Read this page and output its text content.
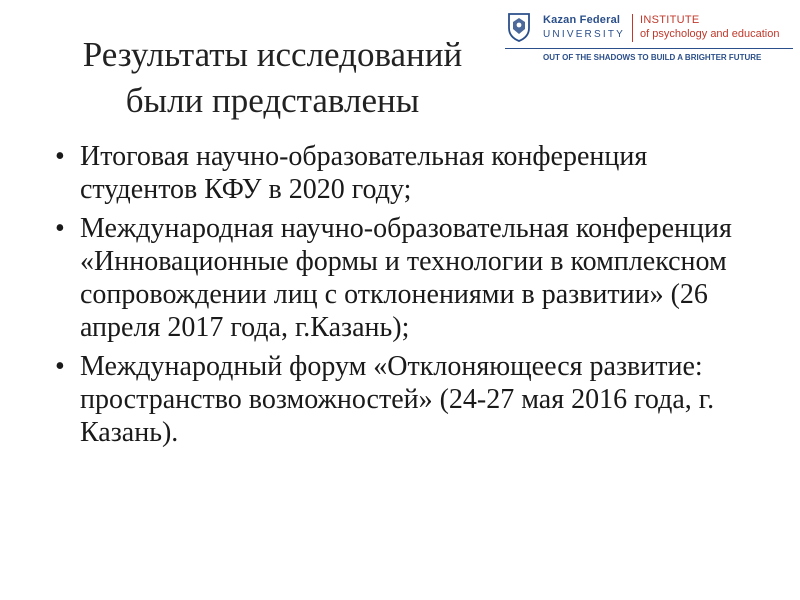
Kazan Federal
UNIVERSITY
INSTITUTE
of psychology and education
OUT OF THE SHADOWS TO BUILD A BRIGHTER FUTURE
Результаты исследований
были представлены
• Итоговая научно-образовательная конференция студентов КФУ в 2020 году;
• Международная научно-образовательная конференция «Инновационные формы и технологии в комплексном сопровождении лиц с отклонениями в развитии» (26 апреля 2017 года, г.Казань);
• Международный форум «Отклоняющееся развитие: пространство возможностей» (24-27 мая 2016 года, г. Казань).
